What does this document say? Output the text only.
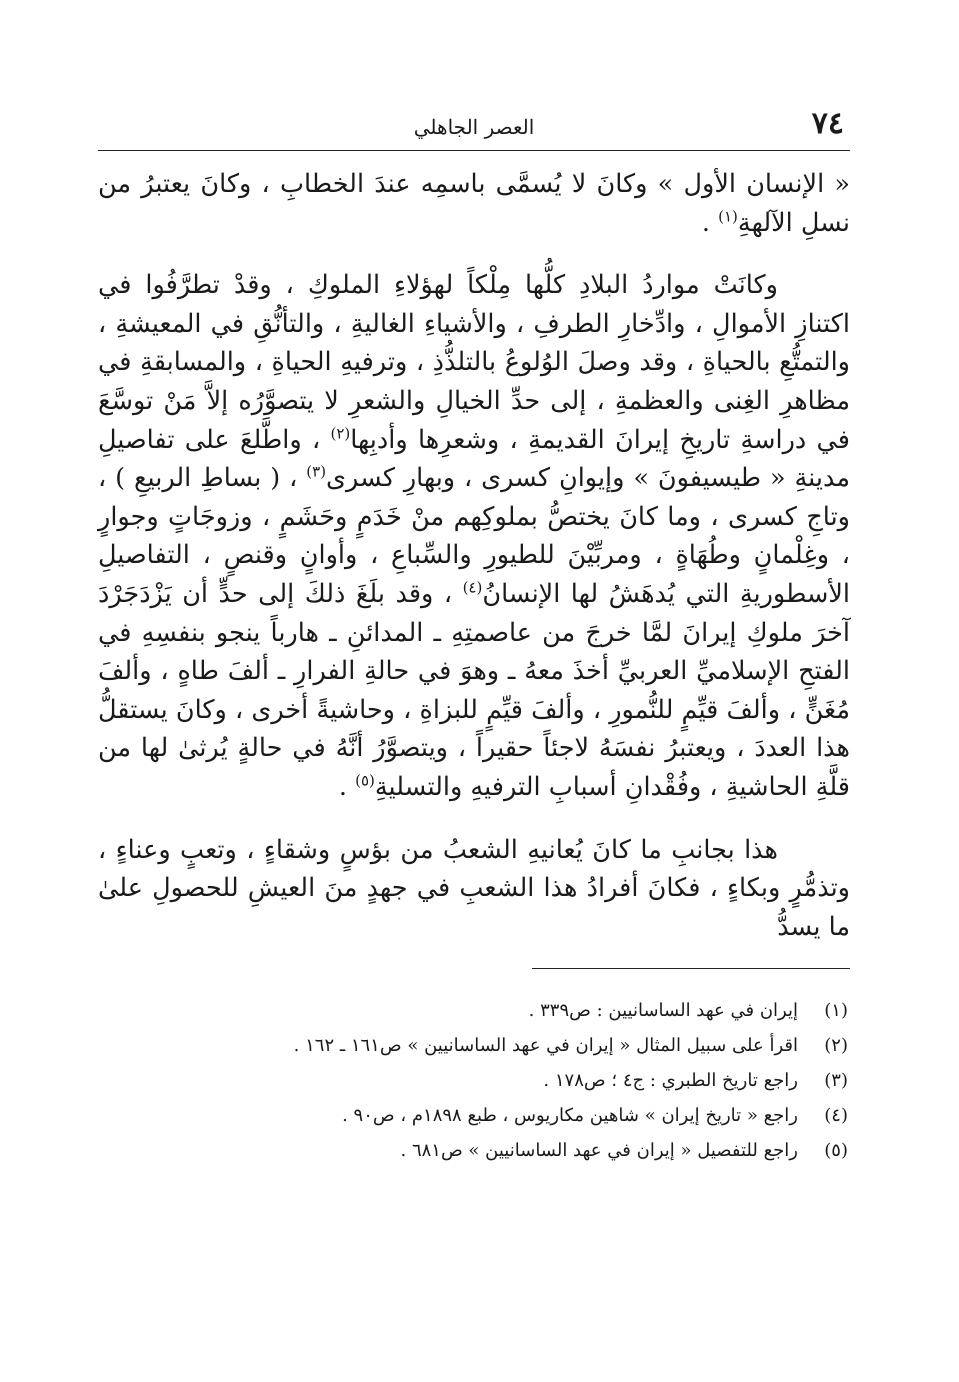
٧٤
العصر الجاهلي

« الإنسان الأول » وكانَ لا يُسمَّى باسمِه عندَ الخطابِ ، وكانَ يعتبرُ من نسلِ الآلهةِ$^{(١)}$ .

وكانَتْ مواردُ البلادِ كلُّها مِلْكاً لهؤلاءِ الملوكِ ، وقدْ تطرَّفُوا في اكتنازِ الأموالِ ، وادِّخارِ الطرفِ ، والأشياءِ الغاليةِ ، والتأنُّقِ في المعيشةِ ، والتمتُّعِ بالحياةِ ، وقد وصلَ الوُلوعُ بالتلذُّذِ ، وترفيهِ الحياةِ ، والمسابقةِ في مظاهرِ الغِنى والعظمةِ ، إلى حدِّ الخيالِ والشعرِ لا يتصوَّرُه إلاَّ مَنْ توسَّعَ في دراسةِ تاريخِ إيرانَ القديمةِ ، وشعرِها وأدبِها$^{(٢)}$ ، واطَّلعَ على تفاصيلِ مدينةِ « طيسيفونَ » وإيوانِ كسرى ، وبهارِ كسرى$^{(٣)}$ ، ( بساطِ الربيعِ ) ، وتاجِ كسرى ، وما كانَ يختصُّ بملوكِهم منْ خَدَمٍ وحَشَمٍ ، وزوجَاتٍ وجوارٍ ، وغِلْمانٍ وطُهَاةٍ ، ومربِّيْنَ للطيورِ والسِّباعِ ، وأوانٍ وقنصٍ ، التفاصيلِ الأسطوريةِ التي يُدهَشُ لها الإنسانُ$^{(٤)}$ ، وقد بلَغَ ذلكَ إلى حدٍّ أن يَزْدَجَرْدَ آخرَ ملوكِ إيرانَ لمَّا خرجَ من عاصمتِهِ ـ المدائنِ ـ هارباً ينجو بنفسِهِ في الفتحِ الإسلاميِّ العربيِّ أخذَ معهُ ـ وهوَ في حالةِ الفرارِ ـ ألفَ طاهٍ ، وألفَ مُغَنٍّ ، وألفَ قيِّمٍ للنُّمورِ ، وألفَ قيِّمٍ للبزاةِ ، وحاشيةً أخرى ، وكانَ يستقلُّ هذا العددَ ، ويعتبرُ نفسَهُ لاجئاً حقيراً ، ويتصوَّرُ أنَّهُ في حالةٍ يُرثىٰ لها من قلَّةِ الحاشيةِ ، وفُقْدانِ أسبابِ الترفيهِ والتسليةِ$^{(٥)}$ .

هذا بجانبِ ما كانَ يُعانيهِ الشعبُ من بؤسٍ وشقاءٍ ، وتعبٍ وعناءٍ ، وتذمُّرٍ وبكاءٍ ، فكانَ أفرادُ هذا الشعبِ في جهدٍ منَ العيشِ للحصولِ علىٰ ما يسدُّ

(١)
إيران في عهد الساسانيين : ص٣٣٩ .
(٢)
اقرأ على سبيل المثال « إيران في عهد الساسانيين » ص١٦١ ـ ١٦٢ .
(٣)
راجع تاريخ الطبري : ج٤ ؛ ص١٧٨ .
(٤)
راجع « تاريخ إيران » شاهين مكاريوس ، طبع ١٨٩٨م ، ص٩٠ .
(٥)
راجع للتفصيل « إيران في عهد الساسانيين » ص٦٨١ .
